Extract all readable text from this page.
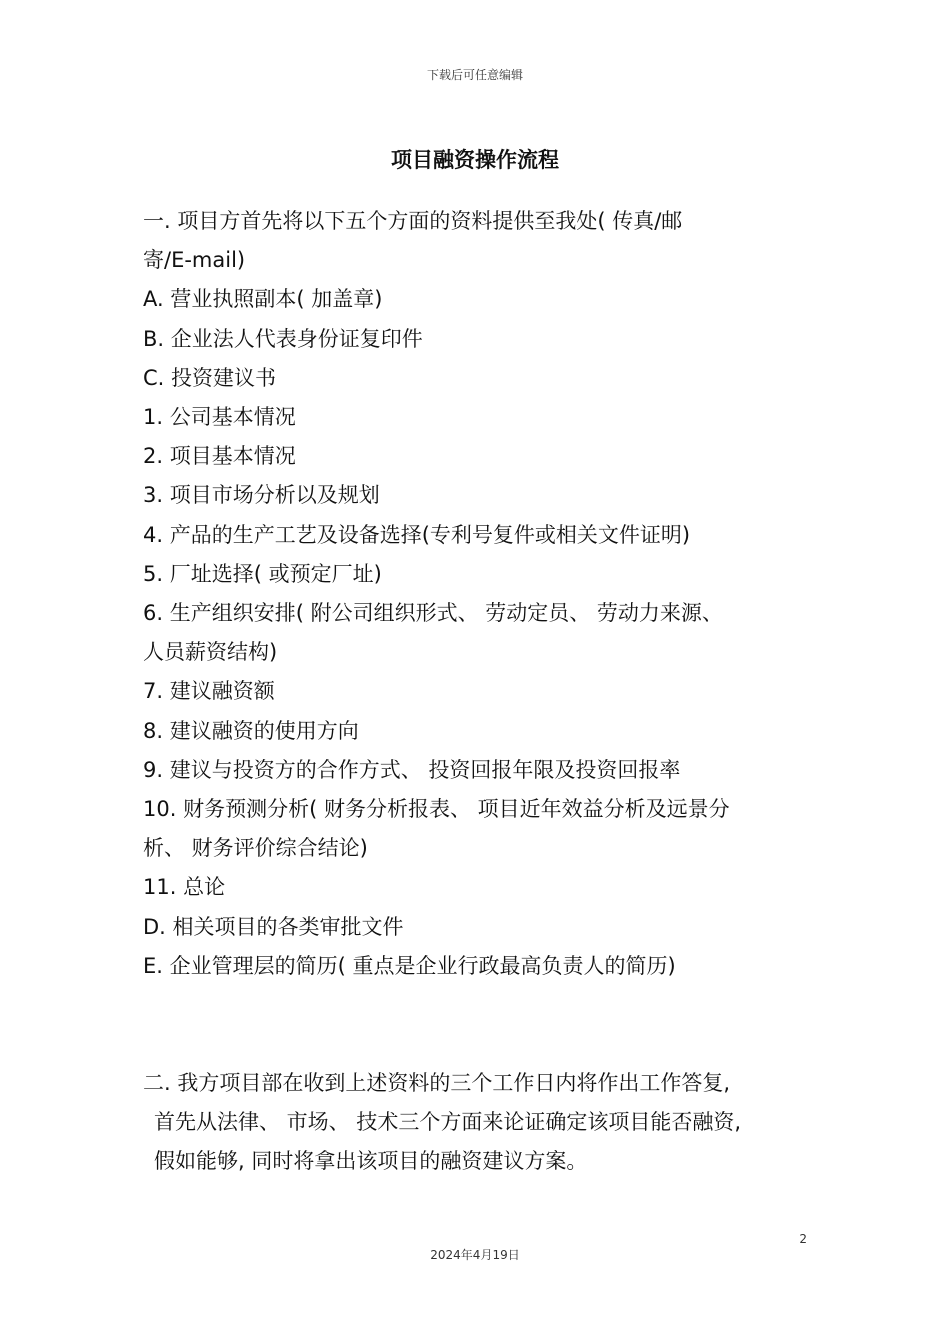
下载后可任意编辑
项目融资操作流程
一. 项目方首先将以下五个方面的资料提供至我处( 传真/邮
寄/E-mail)
A. 营业执照副本( 加盖章)
B. 企业法人代表身份证复印件
C. 投资建议书
1. 公司基本情况
2. 项目基本情况
3. 项目市场分析以及规划
4. 产品的生产工艺及设备选择(专利号复件或相关文件证明)
5. 厂址选择( 或预定厂址)
6. 生产组织安排( 附公司组织形式、 劳动定员、 劳动力来源、
人员薪资结构)
7. 建议融资额
8. 建议融资的使用方向
9. 建议与投资方的合作方式、 投资回报年限及投资回报率
10. 财务预测分析( 财务分析报表、 项目近年效益分析及远景分
析、 财务评价综合结论)
11. 总论
D. 相关项目的各类审批文件
E. 企业管理层的简历( 重点是企业行政最高负责人的简历)
二. 我方项目部在收到上述资料的三个工作日内将作出工作答复,
首先从法律、 市场、 技术三个方面来论证确定该项目能否融资,
假如能够, 同时将拿出该项目的融资建议方案。
2
2024年4月19日
